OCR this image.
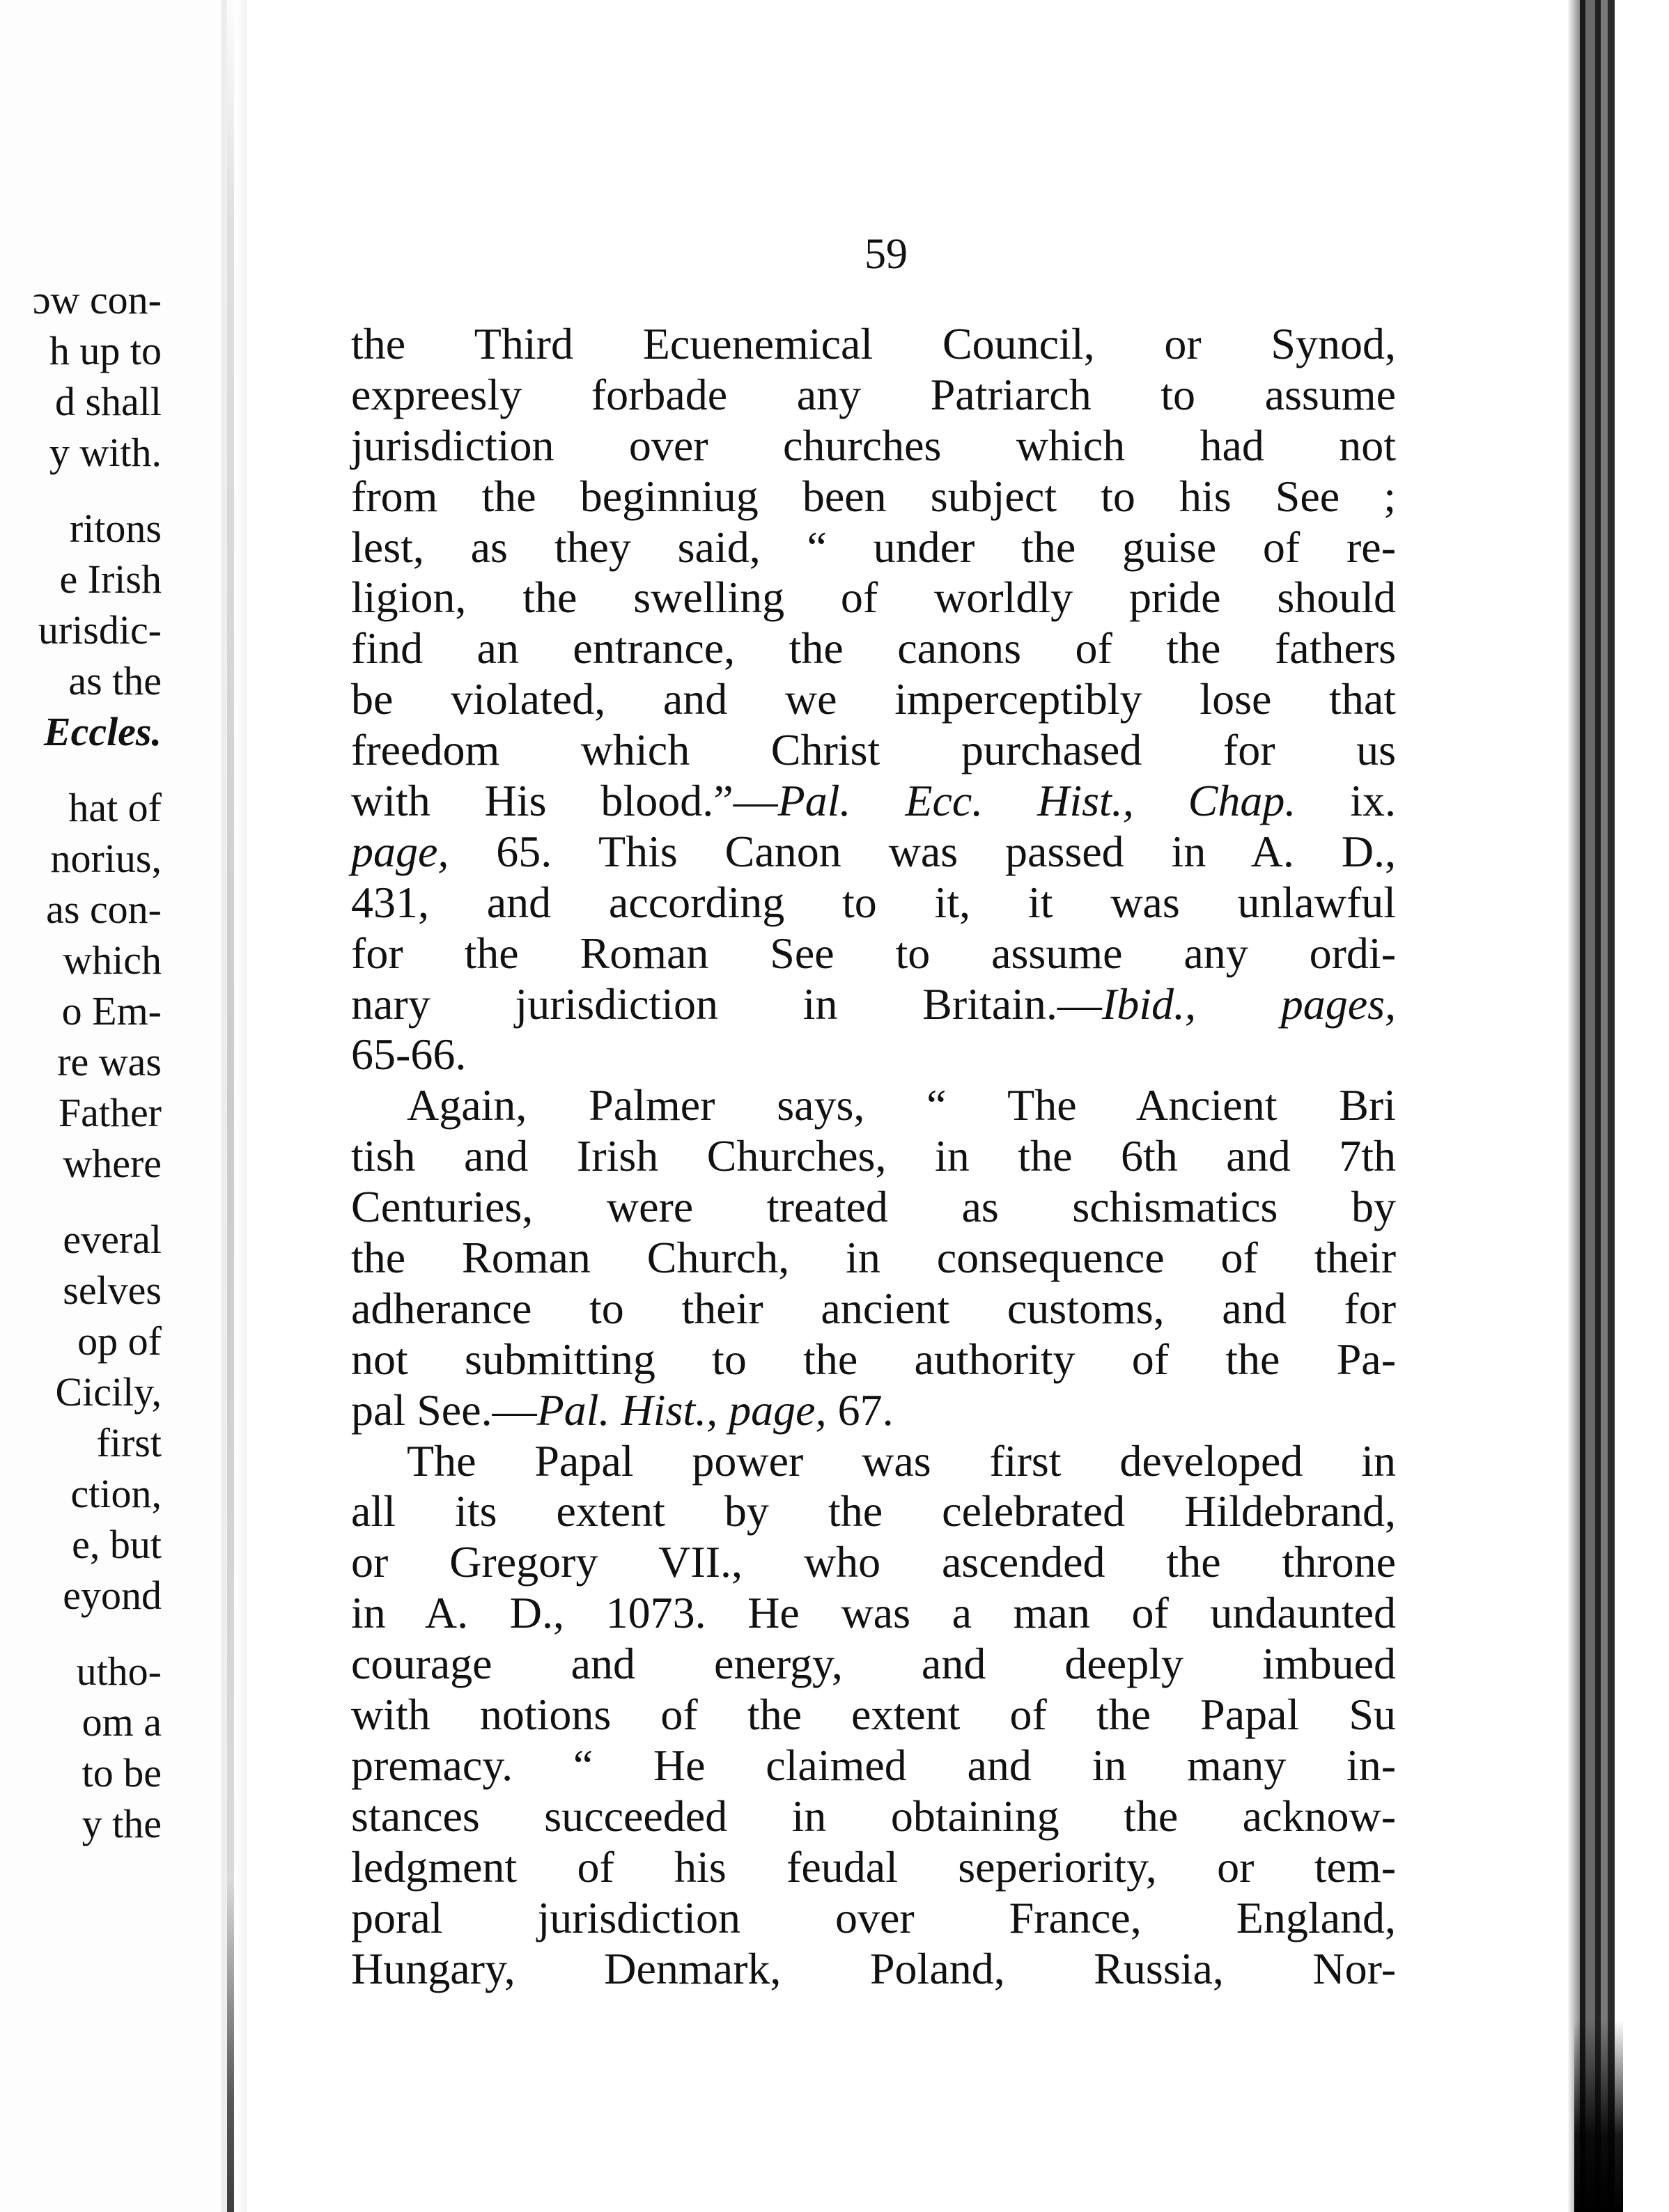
ɔw con-
h up to
d shall
y with.
ritons
e Irish
urisdic-
as the
Eccles.
hat of
norius,
as con-
which
o Em-
re was
Father
where
everal
selves
op of
Cicily,
first
ction,
e, but
eyond
utho-
om a
to be
y the
59
the Third Ecuenemical Council, or Synod,
expreesly forbade any Patriarch to assume
jurisdiction over churches which had not
from the beginniug been subject to his See ;
lest, as they said, “ under the guise of re-
ligion, the swelling of worldly pride should
find an entrance, the canons of the fathers
be violated, and we imperceptibly lose that
freedom which Christ purchased for us
with His blood.”—Pal. Ecc. Hist., Chap. ix.
page, 65. This Canon was passed in A. D.,
431, and according to it, it was unlawful
for the Roman See to assume any ordi-
nary jurisdiction in Britain.—Ibid., pages,
65-66.
Again, Palmer says, “ The Ancient Bri
tish and Irish Churches, in the 6th and 7th
Centuries, were treated as schismatics by
the Roman Church, in consequence of their
adherance to their ancient customs, and for
not submitting to the authority of the Pa-
pal See.—Pal. Hist., page, 67.
The Papal power was first developed in
all its extent by the celebrated Hildebrand,
or Gregory VII., who ascended the throne
in A. D., 1073. He was a man of undaunted
courage and energy, and deeply imbued
with notions of the extent of the Papal Su
premacy. “ He claimed and in many in-
stances succeeded in obtaining the acknow-
ledgment of his feudal seperiority, or tem-
poral jurisdiction over France, England,
Hungary, Denmark, Poland, Russia, Nor-
